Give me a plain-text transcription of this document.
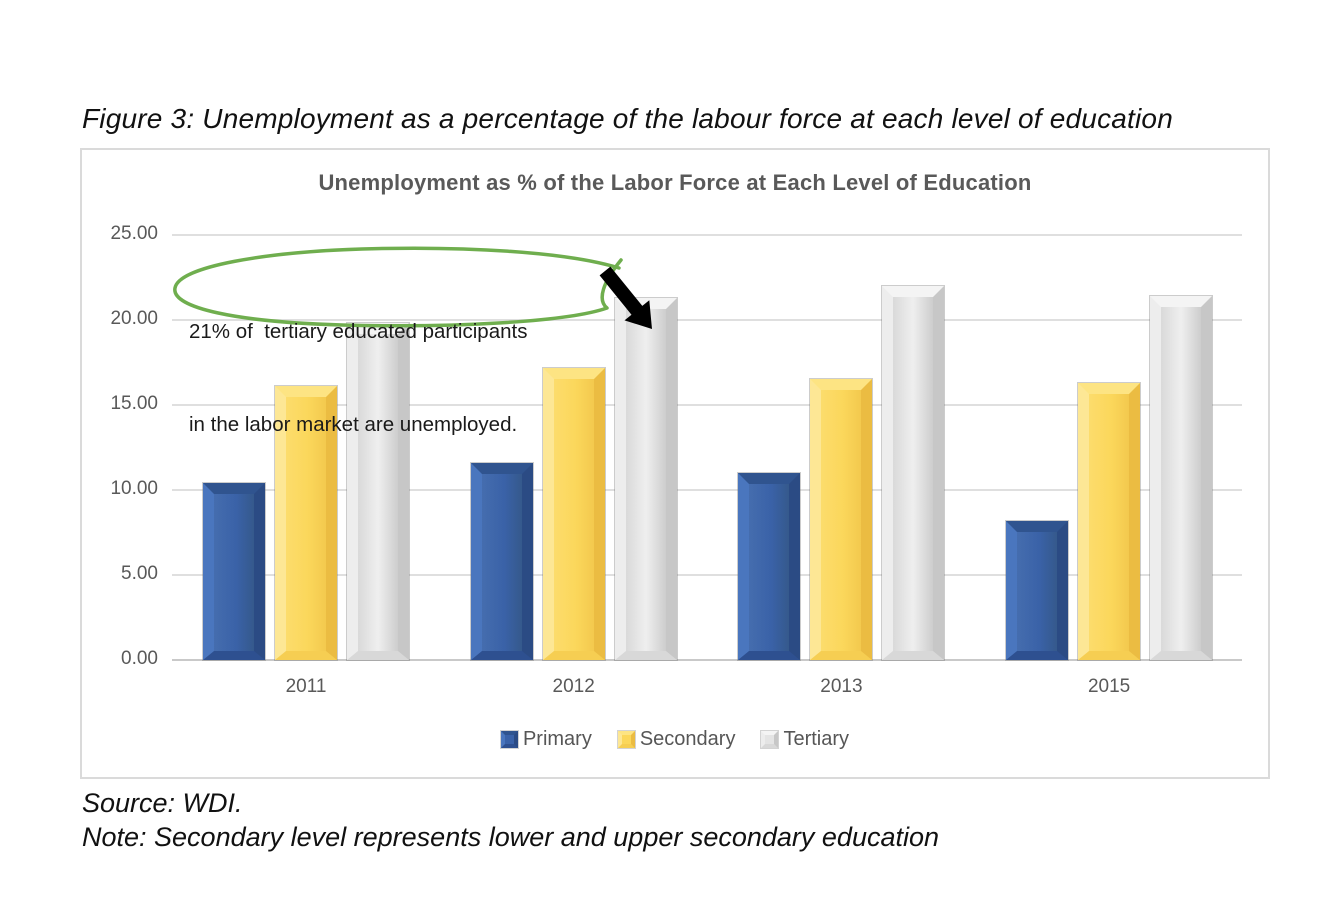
Figure 3: Unemployment as a percentage of the labour force at each level of education
Unemployment as % of the Labor Force at Each Level of Education
0.00
5.00
10.00
15.00
20.00
25.00
2011	2012	2013	2015
Primary Secondary Tertiary

21% of  tertiary educated participants

in the labor market are unemployed.

Source: WDI.
Note: Secondary level represents lower and upper secondary education
